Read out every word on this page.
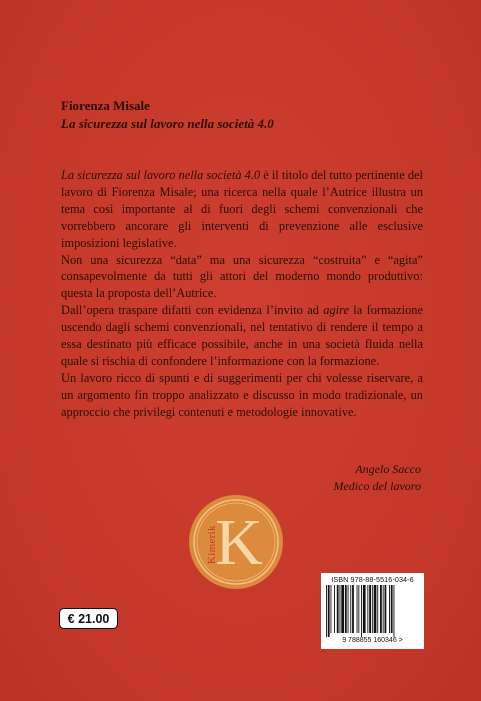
Fiorenza Misale
La sicurezza sul lavoro nella società 4.0

La sicurezza sul lavoro nella società 4.0 è il titolo del tutto pertinente del lavoro di Fiorenza Misale; una ricerca nella quale l’Autrice illustra un tema così importante al di fuori degli schemi convenzionali che vorrebbero ancorare gli interventi di prevenzione alle esclusive imposizioni legislative.

Non una sicurezza “data” ma una sicurezza “costruita” e “agita” consapevolmente da tutti gli attori del moderno mondo produttivo: questa la proposta dell’Autrice.

Dall’opera traspare difatti con evidenza l’invito ad agire la formazione uscendo dagli schemi convenzionali, nel tentativo di rendere il tempo a essa destinato più efficace possibile, anche in una società fluida nella quale si rischia di confondere l’informazione con la formazione.

Un lavoro ricco di spunti e di suggerimenti per chi volesse riservare, a un argomento fin troppo analizzato e discusso in modo tradizionale, un approccio che privilegi contenuti e metodologie innovative.

Angelo Sacco
Medico del lavoro
K
Kimerik
€ 21.00
ISBN 978-88-5516-034-6
9 788855 160346 >
